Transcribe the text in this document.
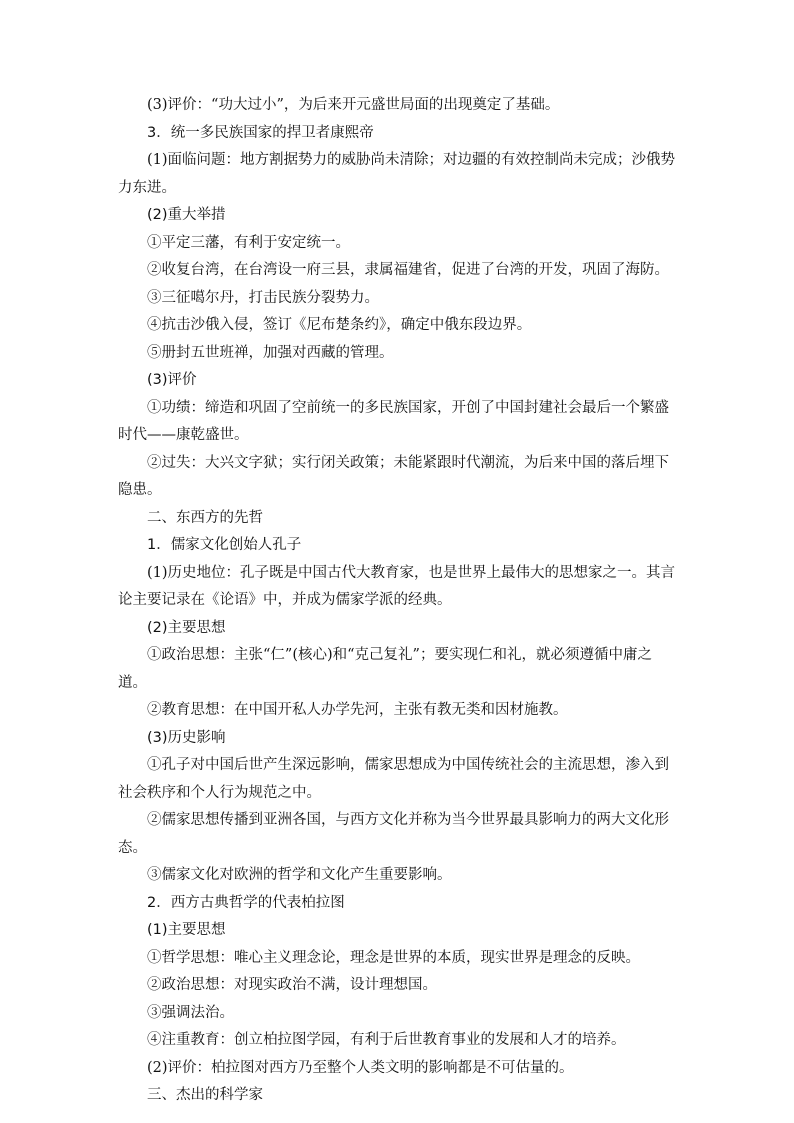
(3)评价：“功大过小”，为后来开元盛世局面的出现奠定了基础。

3．统一多民族国家的捍卫者康熙帝

(1)面临问题：地方割据势力的威胁尚未清除；对边疆的有效控制尚未完成；沙俄势力东进。

(2)重大举措

①平定三藩，有利于安定统一。

②收复台湾，在台湾设一府三县，隶属福建省，促进了台湾的开发，巩固了海防。

③三征噶尔丹，打击民族分裂势力。

④抗击沙俄入侵，签订《尼布楚条约》，确定中俄东段边界。

⑤册封五世班禅，加强对西藏的管理。

(3)评价

①功绩：缔造和巩固了空前统一的多民族国家，开创了中国封建社会最后一个繁盛时代——康乾盛世。

②过失：大兴文字狱；实行闭关政策；未能紧跟时代潮流，为后来中国的落后埋下隐患。

二、东西方的先哲

1．儒家文化创始人孔子

(1)历史地位：孔子既是中国古代大教育家，也是世界上最伟大的思想家之一。其言论主要记录在《论语》中，并成为儒家学派的经典。

(2)主要思想

①政治思想：主张“仁”(核心)和“克己复礼”；要实现仁和礼，就必须遵循中庸之道。

②教育思想：在中国开私人办学先河，主张有教无类和因材施教。

(3)历史影响

①孔子对中国后世产生深远影响，儒家思想成为中国传统社会的主流思想，渗入到社会秩序和个人行为规范之中。

②儒家思想传播到亚洲各国，与西方文化并称为当今世界最具影响力的两大文化形态。

③儒家文化对欧洲的哲学和文化产生重要影响。

2．西方古典哲学的代表柏拉图

(1)主要思想

①哲学思想：唯心主义理念论，理念是世界的本质，现实世界是理念的反映。

②政治思想：对现实政治不满，设计理想国。

③强调法治。

④注重教育：创立柏拉图学园，有利于后世教育事业的发展和人才的培养。

(2)评价：柏拉图对西方乃至整个人类文明的影响都是不可估量的。

三、杰出的科学家
